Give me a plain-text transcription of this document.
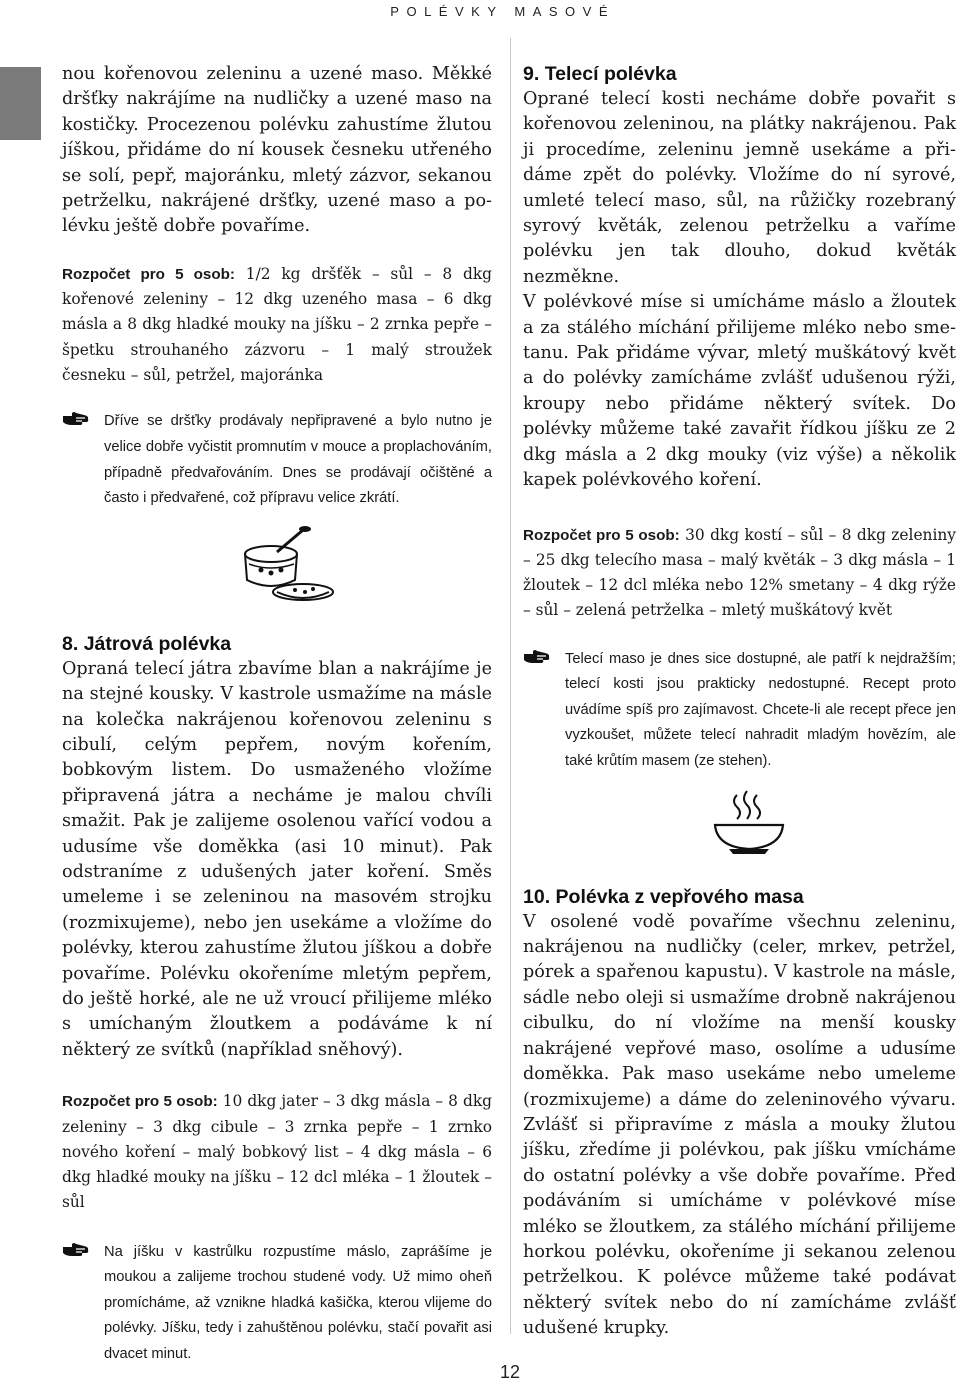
POLÉVKY MASOVÉ

nou kořenovou zeleninu a uzené maso. Měkké dršťky nakrájíme na nudličky a uzené maso na kostičky. Procezenou polévku zahustíme žlutou jíškou, přidáme do ní kousek česneku utřeného se solí, pepř, majoránku, mletý zázvor, sekanou petrželku, nakrájené dršťky, uzené maso a polévku ještě dobře povaříme.

Rozpočet pro 5 osob: 1/2 kg dršťěk – sůl – 8 dkg kořenové zeleniny – 12 dkg uzeného masa – 6 dkg másla a 8 dkg hladké mouky na jíšku – 2 zrnka pepře – špetku strouhaného zázvoru – 1 malý stroužek česneku – sůl, petržel, majoránka

Dříve se dršťky prodávaly nepřipravené a bylo nutno je velice dobře vyčistit promnutím v mouce a proplachováním, případně předvařováním. Dnes se prodávají očištěné a často i předvařené, což přípravu velice zkrátí.

8. Játrová polévka

Opraná telecí játra zbavíme blan a nakrájíme je na stejné kousky. V kastrole usmažíme na másle na kolečka nakrájenou kořenovou zeleninu s cibulí, celým pepřem, novým kořením, bobkovým listem. Do usmaženého vložíme připravená játra a necháme je malou chvíli smažit. Pak je zalijeme osolenou vařící vodou a udusíme vše doměkka (asi 10 minut). Pak odstraníme z udušených jater koření. Směs umeleme i se zeleninou na masovém strojku (rozmixujeme), nebo jen usekáme a vložíme do polévky, kterou zahustíme žlutou jíškou a dobře povaříme. Polévku okořeníme mletým pepřem, do ještě horké, ale ne už vroucí přilijeme mléko s umíchaným žloutkem a podáváme k ní některý ze svítků (například sněhový).

Rozpočet pro 5 osob: 10 dkg jater – 3 dkg másla – 8 dkg zeleniny – 3 dkg cibule – 3 zrnka pepře – 1 zrnko nového koření – malý bobkový list – 4 dkg másla – 6 dkg hladké mouky na jíšku – 12 dcl mléka – 1 žloutek – sůl

Na jíšku v kastrůlku rozpustíme máslo, zaprášíme je moukou a zalijeme trochou studené vody. Už mimo oheň promícháme, až vznikne hladká kašička, kterou vlijeme do polévky. Jíšku, tedy i zahuštěnou polévku, stačí povařit asi dvacet minut.

9. Telecí polévka

Oprané telecí kosti necháme dobře povařit s kořenovou zeleninou, na plátky nakrájenou. Pak ji procedíme, zeleninu jemně usekáme a přidáme zpět do polévky. Vložíme do ní syrové, umleté telecí maso, sůl, na růžičky rozebraný syrový květák, zelenou petrželku a vaříme polévku jen tak dlouho, dokud květák nezměkne.

V polévkové míse si umícháme máslo a žloutek a za stálého míchání přilijeme mléko nebo smetanu. Pak přidáme vývar, mletý muškátový květ a do polévky zamícháme zvlášť udušenou rýži, kroupy nebo přidáme některý svítek. Do polévky můžeme také zavařit řídkou jíšku ze 2 dkg másla a 2 dkg mouky (viz výše) a několik kapek polévkového koření.

Rozpočet pro 5 osob: 30 dkg kostí – sůl – 8 dkg zeleniny – 25 dkg telecího masa – malý květák – 3 dkg másla – 1 žloutek – 12 dcl mléka nebo 12% smetany – 4 dkg rýže – sůl – zelená petrželka – mletý muškátový květ

Telecí maso je dnes sice dostupné, ale patří k nejdražším; telecí kosti jsou prakticky nedostupné. Recept proto uvádíme spíš pro zajímavost. Chcete-li ale recept přece jen vyzkoušet, můžete telecí nahradit mladým hovězím, ale také krůtím masem (ze stehen).

10. Polévka z vepřového masa

V osolené vodě povaříme všechnu zeleninu, nakrájenou na nudličky (celer, mrkev, petržel, pórek a spařenou kapustu). V kastrole na másle, sádle nebo oleji si usmažíme drobně nakrájenou cibulku, do ní vložíme na menší kousky nakrájené vepřové maso, osolíme a udusíme doměkka. Pak maso usekáme nebo umeleme (rozmixujeme) a dáme do zeleninového vývaru. Zvlášť si připravíme z másla a mouky žlutou jíšku, zředíme ji polévkou, pak jíšku vmícháme do ostatní polévky a vše dobře povaříme. Před podáváním si umícháme v polévkové míse mléko se žloutkem, za stálého míchání přilijeme horkou polévku, okořeníme ji sekanou zelenou petrželkou. K polévce můžeme také podávat některý svítek nebo do ní zamícháme zvlášť udušené krupky.

12
